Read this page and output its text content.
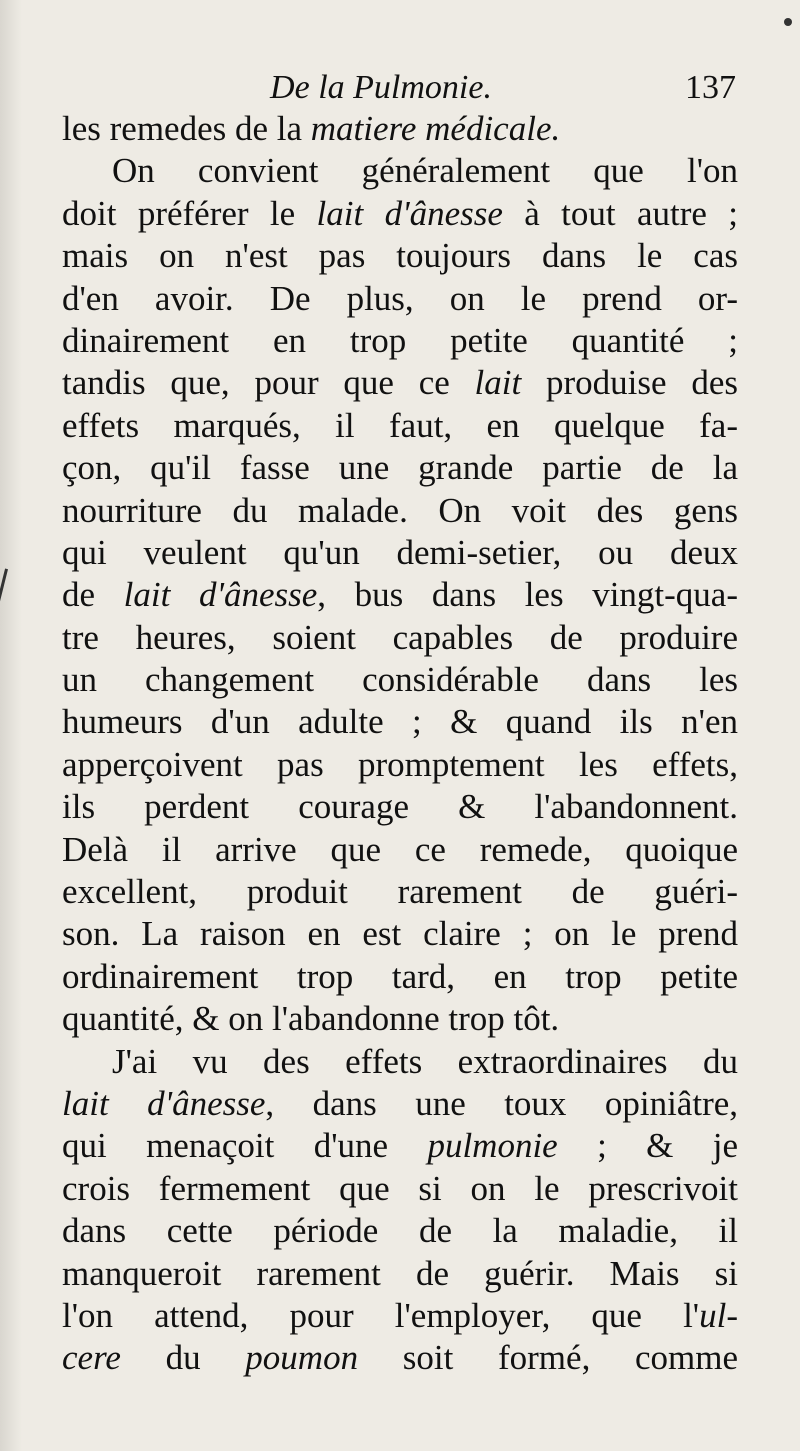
De la Pulmonie.	137
les remedes de la matiere médicale.
On convient généralement que l'on
doit préférer le lait d'ânesse à tout autre ;
mais on n'est pas toujours dans le cas
d'en avoir. De plus, on le prend or-
dinairement en trop petite quantité ;
tandis que, pour que ce lait produise des
effets marqués, il faut, en quelque fa-
çon, qu'il fasse une grande partie de la
nourriture du malade. On voit des gens
qui veulent qu'un demi-setier, ou deux
de lait d'ânesse, bus dans les vingt-qua-
tre heures, soient capables de produire
un changement considérable dans les
humeurs d'un adulte ; & quand ils n'en
apperçoivent pas promptement les effets,
ils perdent courage & l'abandonnent.
Delà il arrive que ce remede, quoique
excellent, produit rarement de guéri-
son. La raison en est claire ; on le prend
ordinairement trop tard, en trop petite
quantité, & on l'abandonne trop tôt.
J'ai vu des effets extraordinaires du
lait d'ânesse, dans une toux opiniâtre,
qui menaçoit d'une pulmonie ; & je
crois fermement que si on le prescrivoit
dans cette période de la maladie, il
manqueroit rarement de guérir. Mais si
l'on attend, pour l'employer, que l'ul-
cere du poumon soit formé, comme
